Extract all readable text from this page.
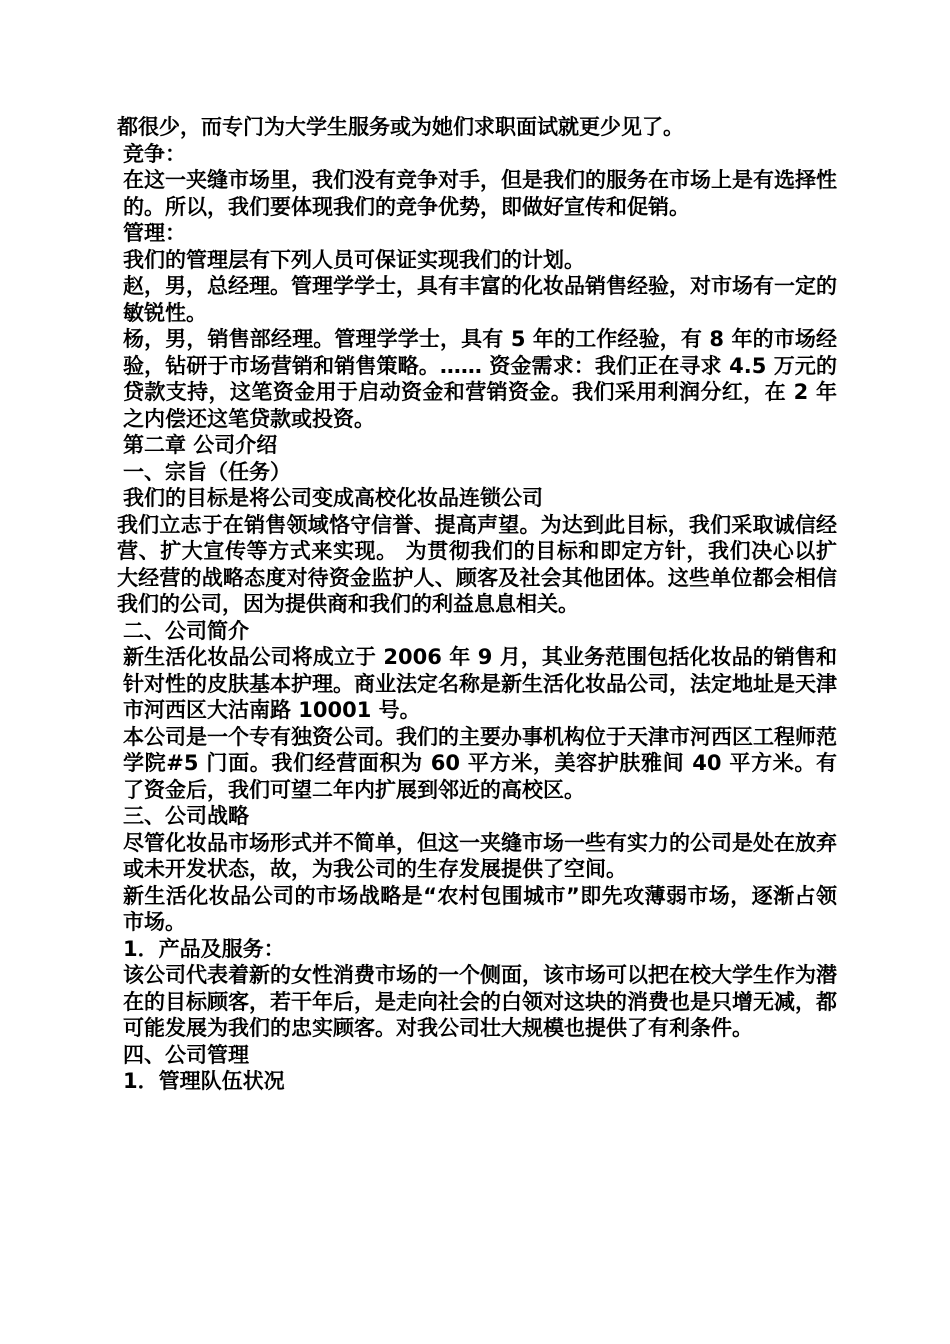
都很少，而专门为大学生服务或为她们求职面试就更少见了。

竞争：

在这一夹缝市场里，我们没有竞争对手，但是我们的服务在市场上是有选择性的。所以，我们要体现我们的竞争优势，即做好宣传和促销。

管理：

我们的管理层有下列人员可保证实现我们的计划。

赵，男，总经理。管理学学士，具有丰富的化妆品销售经验，对市场有一定的敏锐性。

杨，男，销售部经理。管理学学士，具有 5 年的工作经验，有 8 年的市场经验，钻研于市场营销和销售策略。…… 资金需求：我们正在寻求 4.5 万元的贷款支持，这笔资金用于启动资金和营销资金。我们采用利润分红，在 2 年之内偿还这笔贷款或投资。

第二章 公司介绍

一、宗旨（任务）

我们的目标是将公司变成高校化妆品连锁公司

我们立志于在销售领域恪守信誉、提高声望。为达到此目标，我们采取诚信经营、扩大宣传等方式来实现。 为贯彻我们的目标和即定方针，我们决心以扩大经营的战略态度对待资金监护人、顾客及社会其他团体。这些单位都会相信我们的公司，因为提供商和我们的利益息息相关。

二、公司简介

新生活化妆品公司将成立于 2006 年 9 月，其业务范围包括化妆品的销售和针对性的皮肤基本护理。商业法定名称是新生活化妆品公司，法定地址是天津市河西区大沽南路 10001 号。

本公司是一个专有独资公司。我们的主要办事机构位于天津市河西区工程师范学院#5 门面。我们经营面积为 60 平方米，美容护肤雅间 40 平方米。有了资金后，我们可望二年内扩展到邻近的高校区。

三、公司战略

尽管化妆品市场形式并不简单，但这一夹缝市场一些有实力的公司是处在放弃或未开发状态，故，为我公司的生存发展提供了空间。

新生活化妆品公司的市场战略是“农村包围城市”即先攻薄弱市场，逐渐占领市场。

1．产品及服务：

该公司代表着新的女性消费市场的一个侧面，该市场可以把在校大学生作为潜在的目标顾客，若干年后，是走向社会的白领对这块的消费也是只增无减，都可能发展为我们的忠实顾客。对我公司壮大规模也提供了有利条件。

四、公司管理

1．管理队伍状况
